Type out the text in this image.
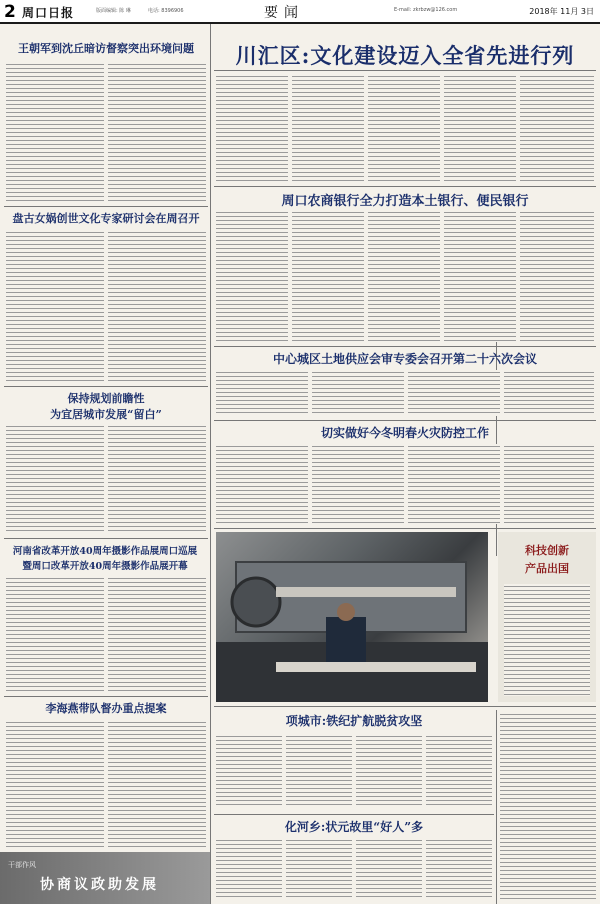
2 周口日报	版面编辑: 陈 琳	电话: 8396906	要闻	E-mail: zkrbzw@126.com	2018年 11月 3日
王朝军到沈丘暗访督察突出环境问题
盘古女娲创世文化专家研讨会在周召开
保持规划前瞻性
为宜居城市发展“留白”
河南省改革开放40周年摄影作品展周口巡展
暨周口改革开放40周年摄影作品展开幕
李海燕带队督办重点提案
干部作风
协商议政助发展
川汇区:文化建设迈入全省先进行列
周口农商银行全力打造本土银行、便民银行
中心城区土地供应会审专委会召开第二十六次会议
切实做好今冬明春火灾防控工作
科技创新
产品出国
项城市:铁纪扩航脱贫攻坚
化河乡:状元故里“好人”多
